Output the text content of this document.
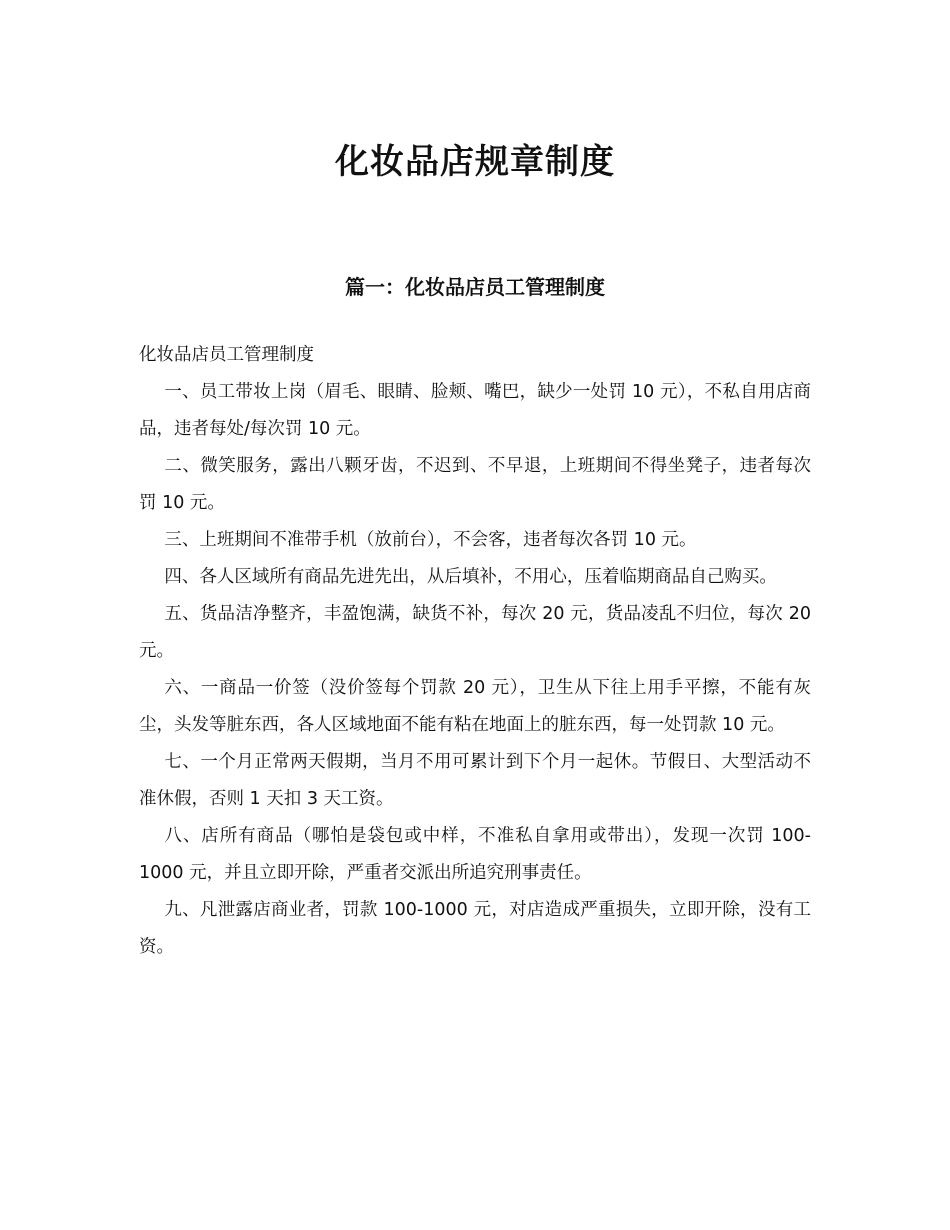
化妆品店规章制度
篇一：化妆品店员工管理制度

化妆品店员工管理制度

一、员工带妆上岗（眉毛、眼睛、脸颊、嘴巴，缺少一处罚 10 元），不私自用店商品，违者每处/每次罚 10 元。

二、微笑服务，露出八颗牙齿，不迟到、不早退，上班期间不得坐凳子，违者每次罚 10 元。

三、上班期间不准带手机（放前台），不会客，违者每次各罚 10 元。

四、各人区域所有商品先进先出，从后填补，不用心，压着临期商品自己购买。

五、货品洁净整齐，丰盈饱满，缺货不补，每次 20 元，货品凌乱不归位，每次 20 元。

六、一商品一价签（没价签每个罚款 20 元），卫生从下往上用手平擦，不能有灰尘，头发等脏东西，各人区域地面不能有粘在地面上的脏东西，每一处罚款 10 元。

七、一个月正常两天假期，当月不用可累计到下个月一起休。节假日、大型活动不准休假，否则 1 天扣 3 天工资。

八、店所有商品（哪怕是袋包或中样，不准私自拿用或带出），发现一次罚 100-1000 元，并且立即开除，严重者交派出所追究刑事责任。

九、凡泄露店商业者，罚款 100-1000 元，对店造成严重损失，立即开除，没有工资。
